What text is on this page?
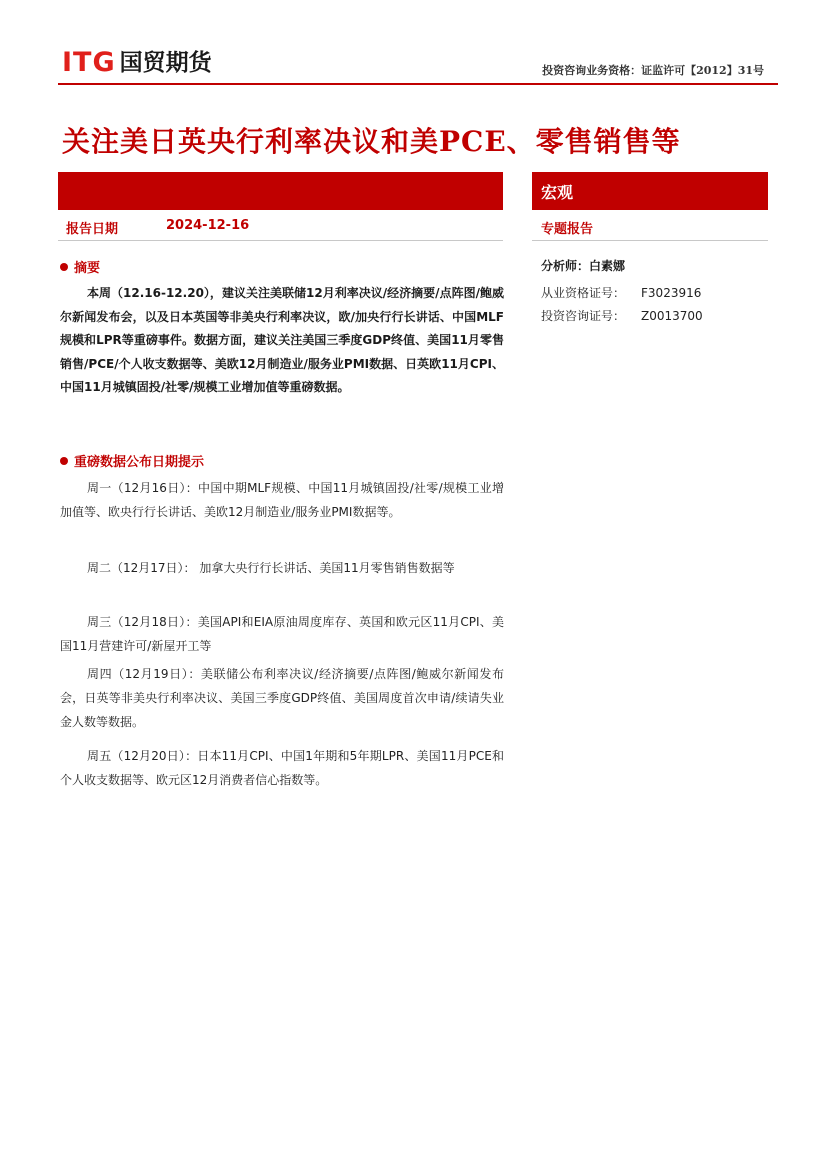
ITG 国贸期货	投资咨询业务资格：证监许可【2012】31号
关注美日英央行利率决议和美PCE、零售销售等
宏观
报告日期	2024-12-16	专题报告
分析师：白素娜
从业资格证号： F3023916
投资咨询证号： Z0013700
摘要
本周（12.16-12.20），建议关注美联储12月利率决议/经济摘要/点阵图/鲍威尔新闻发布会，以及日本英国等非美央行利率决议，欧/加央行行长讲话、中国MLF规模和LPR等重磅事件。数据方面，建议关注美国三季度GDP终值、美国11月零售销售/PCE/个人收支数据等、美欧12月制造业/服务业PMI数据、日英欧11月CPI、中国11月城镇固投/社零/规模工业增加值等重磅数据。
重磅数据公布日期提示
周一（12月16日）：中国中期MLF规模、中国11月城镇固投/社零/规模工业增加值等、欧央行行长讲话、美欧12月制造业/服务业PMI数据等。
周二（12月17日）： 加拿大央行行长讲话、美国11月零售销售数据等
周三（12月18日）：美国API和EIA原油周度库存、英国和欧元区11月CPI、美国11月营建许可/新屋开工等
周四（12月19日）：美联储公布利率决议/经济摘要/点阵图/鲍威尔新闻发布会，日英等非美央行利率决议、美国三季度GDP终值、美国周度首次申请/续请失业金人数等数据。
周五（12月20日）：日本11月CPI、中国1年期和5年期LPR、美国11月PCE和个人收支数据等、欧元区12月消费者信心指数等。
